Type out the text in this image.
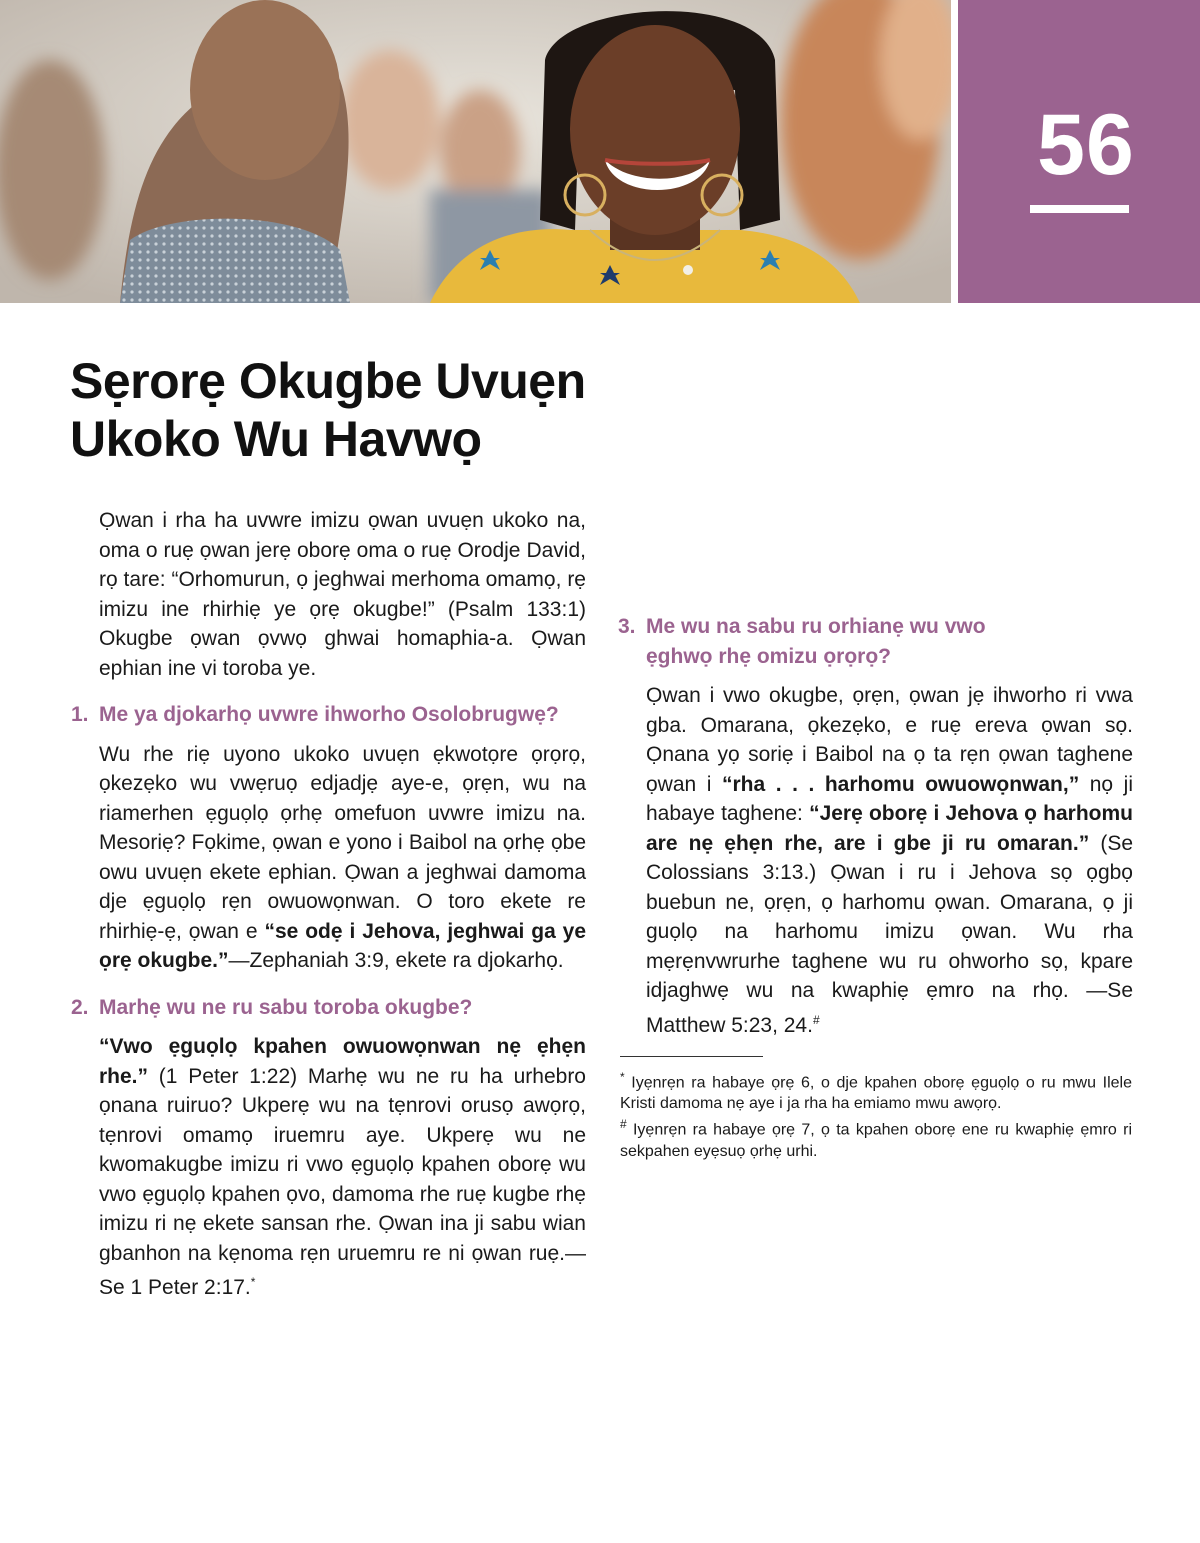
56
Sẹrorẹ Okugbe Uvuẹn
Ukoko Wu Havwọ

Ọwan i rha ha uvwre imizu ọwan uvuẹn ukoko na, oma o ruẹ ọwan jerẹ oborẹ oma o ruẹ Orodje David, rọ tare: “Orhomurun, ọ jeghwai merhoma omamọ, rẹ imizu ine rhirhiẹ ye ọrẹ okugbe!” (Psalm 133:1) Okugbe ọwan ọvwọ ghwai homaphia-a. Ọwan ephian ine vi toroba ye.

1. Me ya djokarhọ uvwre ihworho Osolobrugwẹ?

Wu rhe riẹ uyono ukoko uvuẹn ẹkwotọre ọrọrọ, ọkezẹko wu vwẹruọ edjadjẹ aye-e, ọrẹn, wu na riamerhen ẹguọlọ ọrhẹ omefuon uvwre imizu na. Mesoriẹ? Fọkime, ọwan e yono i Baibol na ọrhẹ ọbe owu uvuẹn ekete ephian. Ọwan a jeghwai damoma dje ẹguọlọ rẹn owuowọnwan. O toro ekete re rhirhiẹ-ẹ, ọwan e “se odẹ i Jehova, jeghwai ga ye ọrẹ okugbe.”—Zephaniah 3:9, ekete ra djokarhọ.

2. Marhẹ wu ne ru sabu toroba okugbe?

“Vwo ẹguọlọ kpahen owuowọnwan nẹ ẹhẹn rhe.” (1 Peter 1:22) Marhẹ wu ne ru ha urhebro ọnana ruiruo? Ukperẹ wu na tẹnrovi orusọ awọrọ, tẹnrovi omamọ iruemru aye. Ukperẹ wu ne kwomakugbe imizu ri vwo ẹguọlọ kpahen oborẹ wu vwo ẹguọlọ kpahen ọvo, damoma rhe ruẹ kugbe rhẹ imizu ri nẹ ekete sansan rhe. Ọwan ina ji sabu wian gbanhon na kẹnoma rẹn uruemru re ni ọwan ruẹ.—Se 1 Peter 2:17.*

3. Me wu na sabu ru orhianẹ wu vwo
ẹghwọ rhẹ omizu ọrọrọ?

Ọwan i vwo okugbe, ọrẹn, ọwan jẹ ihworho ri vwa gba. Omarana, ọkezẹko, e ruẹ ereva ọwan sọ. Ọnana yọ soriẹ i Baibol na ọ ta rẹn ọwan taghene ọwan i “rha . . . harhomu owuowọnwan,” nọ ji habaye taghene: “Jerẹ oborẹ i Jehova ọ harhomu are nẹ ẹhẹn rhe, are i gbe ji ru omaran.” (Se Colossians 3:13.) Ọwan i ru i Jehova sọ ọgbọ buebun ne, ọrẹn, ọ harhomu ọwan. Omarana, ọ ji guọlọ na harhomu imizu ọwan. Wu rha mẹrẹnvwrurhe taghene wu ru ohworho sọ, kpare idjaghwẹ wu na kwaphiẹ ẹmro na rhọ. —Se Matthew 5:23, 24.#

* Iyẹnrẹn ra habaye ọrẹ 6, o dje kpahen oborẹ ẹguọlọ o ru mwu Ilele Kristi damoma nẹ aye i ja rha ha emiamo mwu awọrọ.

# Iyẹnrẹn ra habaye ọrẹ 7, ọ ta kpahen oborẹ ene ru kwaphiẹ ẹmro ri sekpahen eyẹsuọ ọrhẹ urhi.
